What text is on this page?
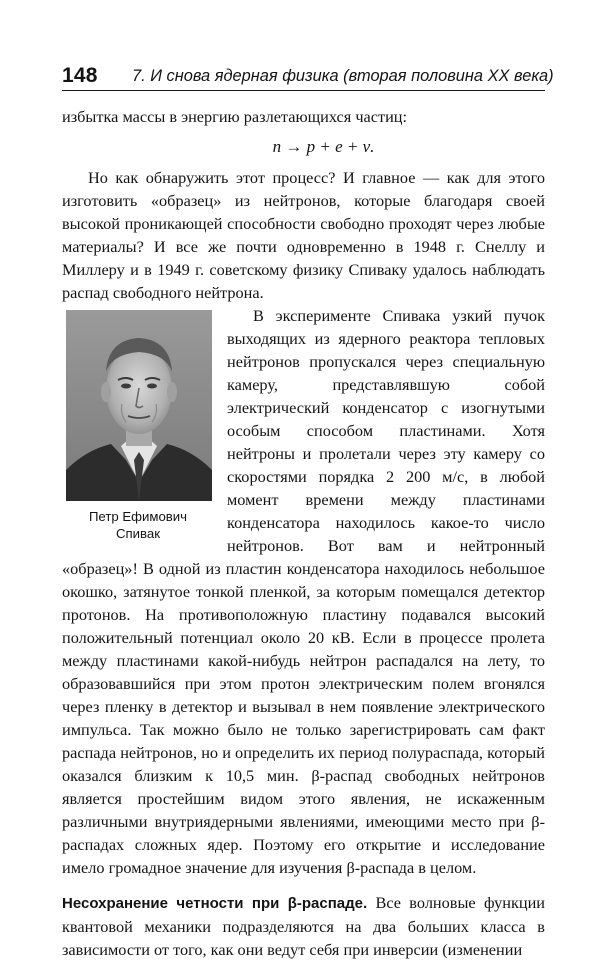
148 7. И снова ядерная физика (вторая половина XX века)

избытка массы в энергию разлетающихся частиц:

n → p + e + ν.

Но как обнаружить этот процесс? И главное — как для этого изготовить «образец» из нейтронов, которые благодаря своей высокой проникающей способности свободно проходят через любые материалы? И все же почти одновременно в 1948 г. Снеллу и Миллеру и в 1949 г. советскому физику Спиваку удалось наблюдать распад свободного нейтрона.

Петр Ефимович
Спивак

В эксперименте Спивака узкий пучок выходящих из ядерного реактора тепловых нейтронов пропускался через специальную камеру, представлявшую собой электрический конденсатор с изогнутыми особым способом пластинами. Хотя нейтроны и пролетали через эту камеру со скоростями порядка 2 200 м/с, в любой момент времени между пластинами конденсатора находилось какое-то число нейтронов. Вот вам и нейтронный «образец»! В одной из пластин конденсатора находилось небольшое окошко, затянутое тонкой пленкой, за которым помещался детектор протонов. На противоположную пластину подавался высокий положительный потенциал около 20 кВ. Если в процессе пролета между пластинами какой-нибудь нейтрон распадался на лету, то образовавшийся при этом протон электрическим полем вгонялся через пленку в детектор и вызывал в нем появление электрического импульса. Так можно было не только зарегистрировать сам факт распада нейтронов, но и определить их период полураспада, который оказался близким к 10,5 мин. β-распад свободных нейтронов является простейшим видом этого явления, не искаженным различными внутриядерными явлениями, имеющими место при β-распадах сложных ядер. Поэтому его открытие и исследование имело громадное значение для изучения β-распада в целом.

Несохранение четности при β-распаде. Все волновые функции квантовой механики подразделяются на два больших класса в зависимости от того, как они ведут себя при инверсии (изменении
